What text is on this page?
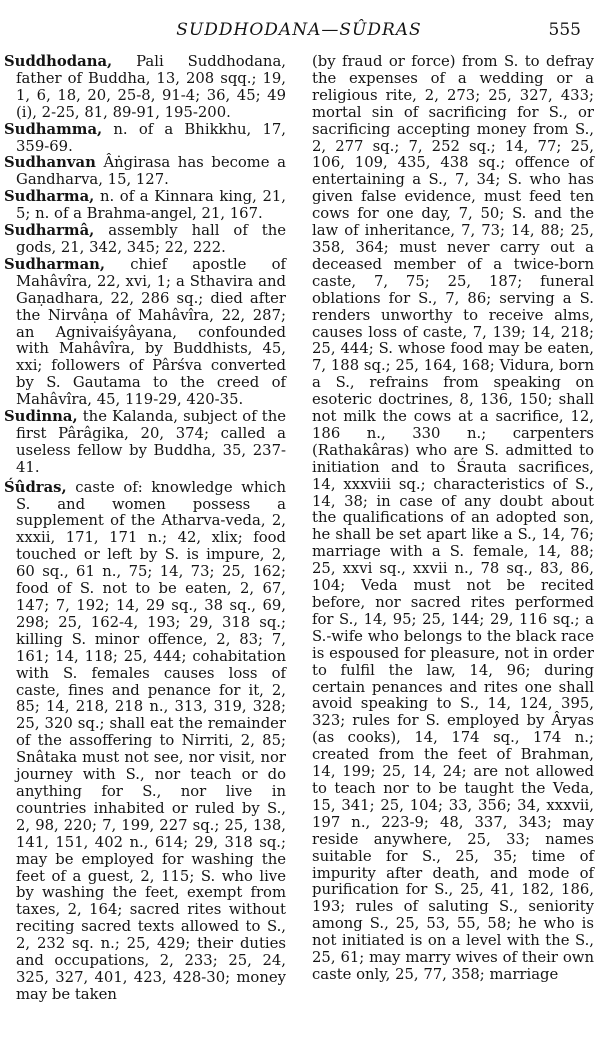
SUDDHODANA—SÛDRAS	555

Suddhodana, Pali Suddhodana, father of Buddha, 13, 208 sqq.; 19, 1, 6, 18, 20, 25-8, 91-4; 36, 45; 49 (i), 2-25, 81, 89-91, 195-200.

Sudhamma, n. of a Bhikkhu, 17, 359-69.

Sudhanvan Âṅgirasa has become a Gandharva, 15, 127.

Sudharma, n. of a Kinnara king, 21, 5; n. of a Brahma-angel, 21, 167.

Sudharmâ, assembly hall of the gods, 21, 342, 345; 22, 222.

Sudharman, chief apostle of Mahâvîra, 22, xvi, 1; a Sthavira and Gaṇadhara, 22, 286 sq.; died after the Nirvâṇa of Mahâvîra, 22, 287; an Agnivaiśyâyana, confounded with Mahâvîra, by Buddhists, 45, xxi; followers of Pârśva converted by S. Gautama to the creed of Mahâvîra, 45, 119-29, 420-35.

Sudinna, the Kalanda, subject of the first Pârâgika, 20, 374; called a useless fellow by Buddha, 35, 237-41.

Śûdras, caste of: knowledge which S. and women possess a supplement of the Atharva-veda, 2, xxxii, 171, 171 n.; 42, xlix; food touched or left by S. is impure, 2, 60 sq., 61 n., 75; 14, 73; 25, 162; food of S. not to be eaten, 2, 67, 147; 7, 192; 14, 29 sq., 38 sq., 69, 298; 25, 162-4, 193; 29, 318 sq.; killing S. minor offence, 2, 83; 7, 161; 14, 118; 25, 444; cohabitation with S. females causes loss of caste, fines and penance for it, 2, 85; 14, 218, 218 n., 313, 319, 328; 25, 320 sq.; shall eat the remainder of the assoffering to Nirriti, 2, 85; Snâtaka must not see, nor visit, nor journey with S., nor teach or do anything for S., nor live in countries inhabited or ruled by S., 2, 98, 220; 7, 199, 227 sq.; 25, 138, 141, 151, 402 n., 614; 29, 318 sq.; may be employed for washing the feet of a guest, 2, 115; S. who live by washing the feet, exempt from taxes, 2, 164; sacred rites without reciting sacred texts allowed to S., 2, 232 sq. n.; 25, 429; their duties and occupations, 2, 233; 25, 24, 325, 327, 401, 423, 428-30; money may be taken

(by fraud or force) from S. to defray the expenses of a wedding or a religious rite, 2, 273; 25, 327, 433; mortal sin of sacrificing for S., or sacrificing accepting money from S., 2, 277 sq.; 7, 252 sq.; 14, 77; 25, 106, 109, 435, 438 sq.; offence of entertaining a S., 7, 34; S. who has given false evidence, must feed ten cows for one day, 7, 50; S. and the law of inheritance, 7, 73; 14, 88; 25, 358, 364; must never carry out a deceased member of a twice-born caste, 7, 75; 25, 187; funeral oblations for S., 7, 86; serving a S. renders unworthy to receive alms, causes loss of caste, 7, 139; 14, 218; 25, 444; S. whose food may be eaten, 7, 188 sq.; 25, 164, 168; Vidura, born a S., refrains from speaking on esoteric doctrines, 8, 136, 150; shall not milk the cows at a sacrifice, 12, 186 n., 330 n.; carpenters (Rathakâras) who are S. admitted to initiation and to Śrauta sacrifices, 14, xxxviii sq.; characteristics of S., 14, 38; in case of any doubt about the qualifications of an adopted son, he shall be set apart like a S., 14, 76; marriage with a S. female, 14, 88; 25, xxvi sq., xxvii n., 78 sq., 83, 86, 104; Veda must not be recited before, nor sacred rites performed for S., 14, 95; 25, 144; 29, 116 sq.; a S.-wife who belongs to the black race is espoused for pleasure, not in order to fulfil the law, 14, 96; during certain penances and rites one shall avoid speaking to S., 14, 124, 395, 323; rules for S. employed by Âryas (as cooks), 14, 174 sq., 174 n.; created from the feet of Brahman, 14, 199; 25, 14, 24; are not allowed to teach nor to be taught the Veda, 15, 341; 25, 104; 33, 356; 34, xxxvii, 197 n., 223-9; 48, 337, 343; may reside anywhere, 25, 33; names suitable for S., 25, 35; time of impurity after death, and mode of purification for S., 25, 41, 182, 186, 193; rules of saluting S., seniority among S., 25, 53, 55, 58; he who is not initiated is on a level with the S., 25, 61; may marry wives of their own caste only, 25, 77, 358; marriage
